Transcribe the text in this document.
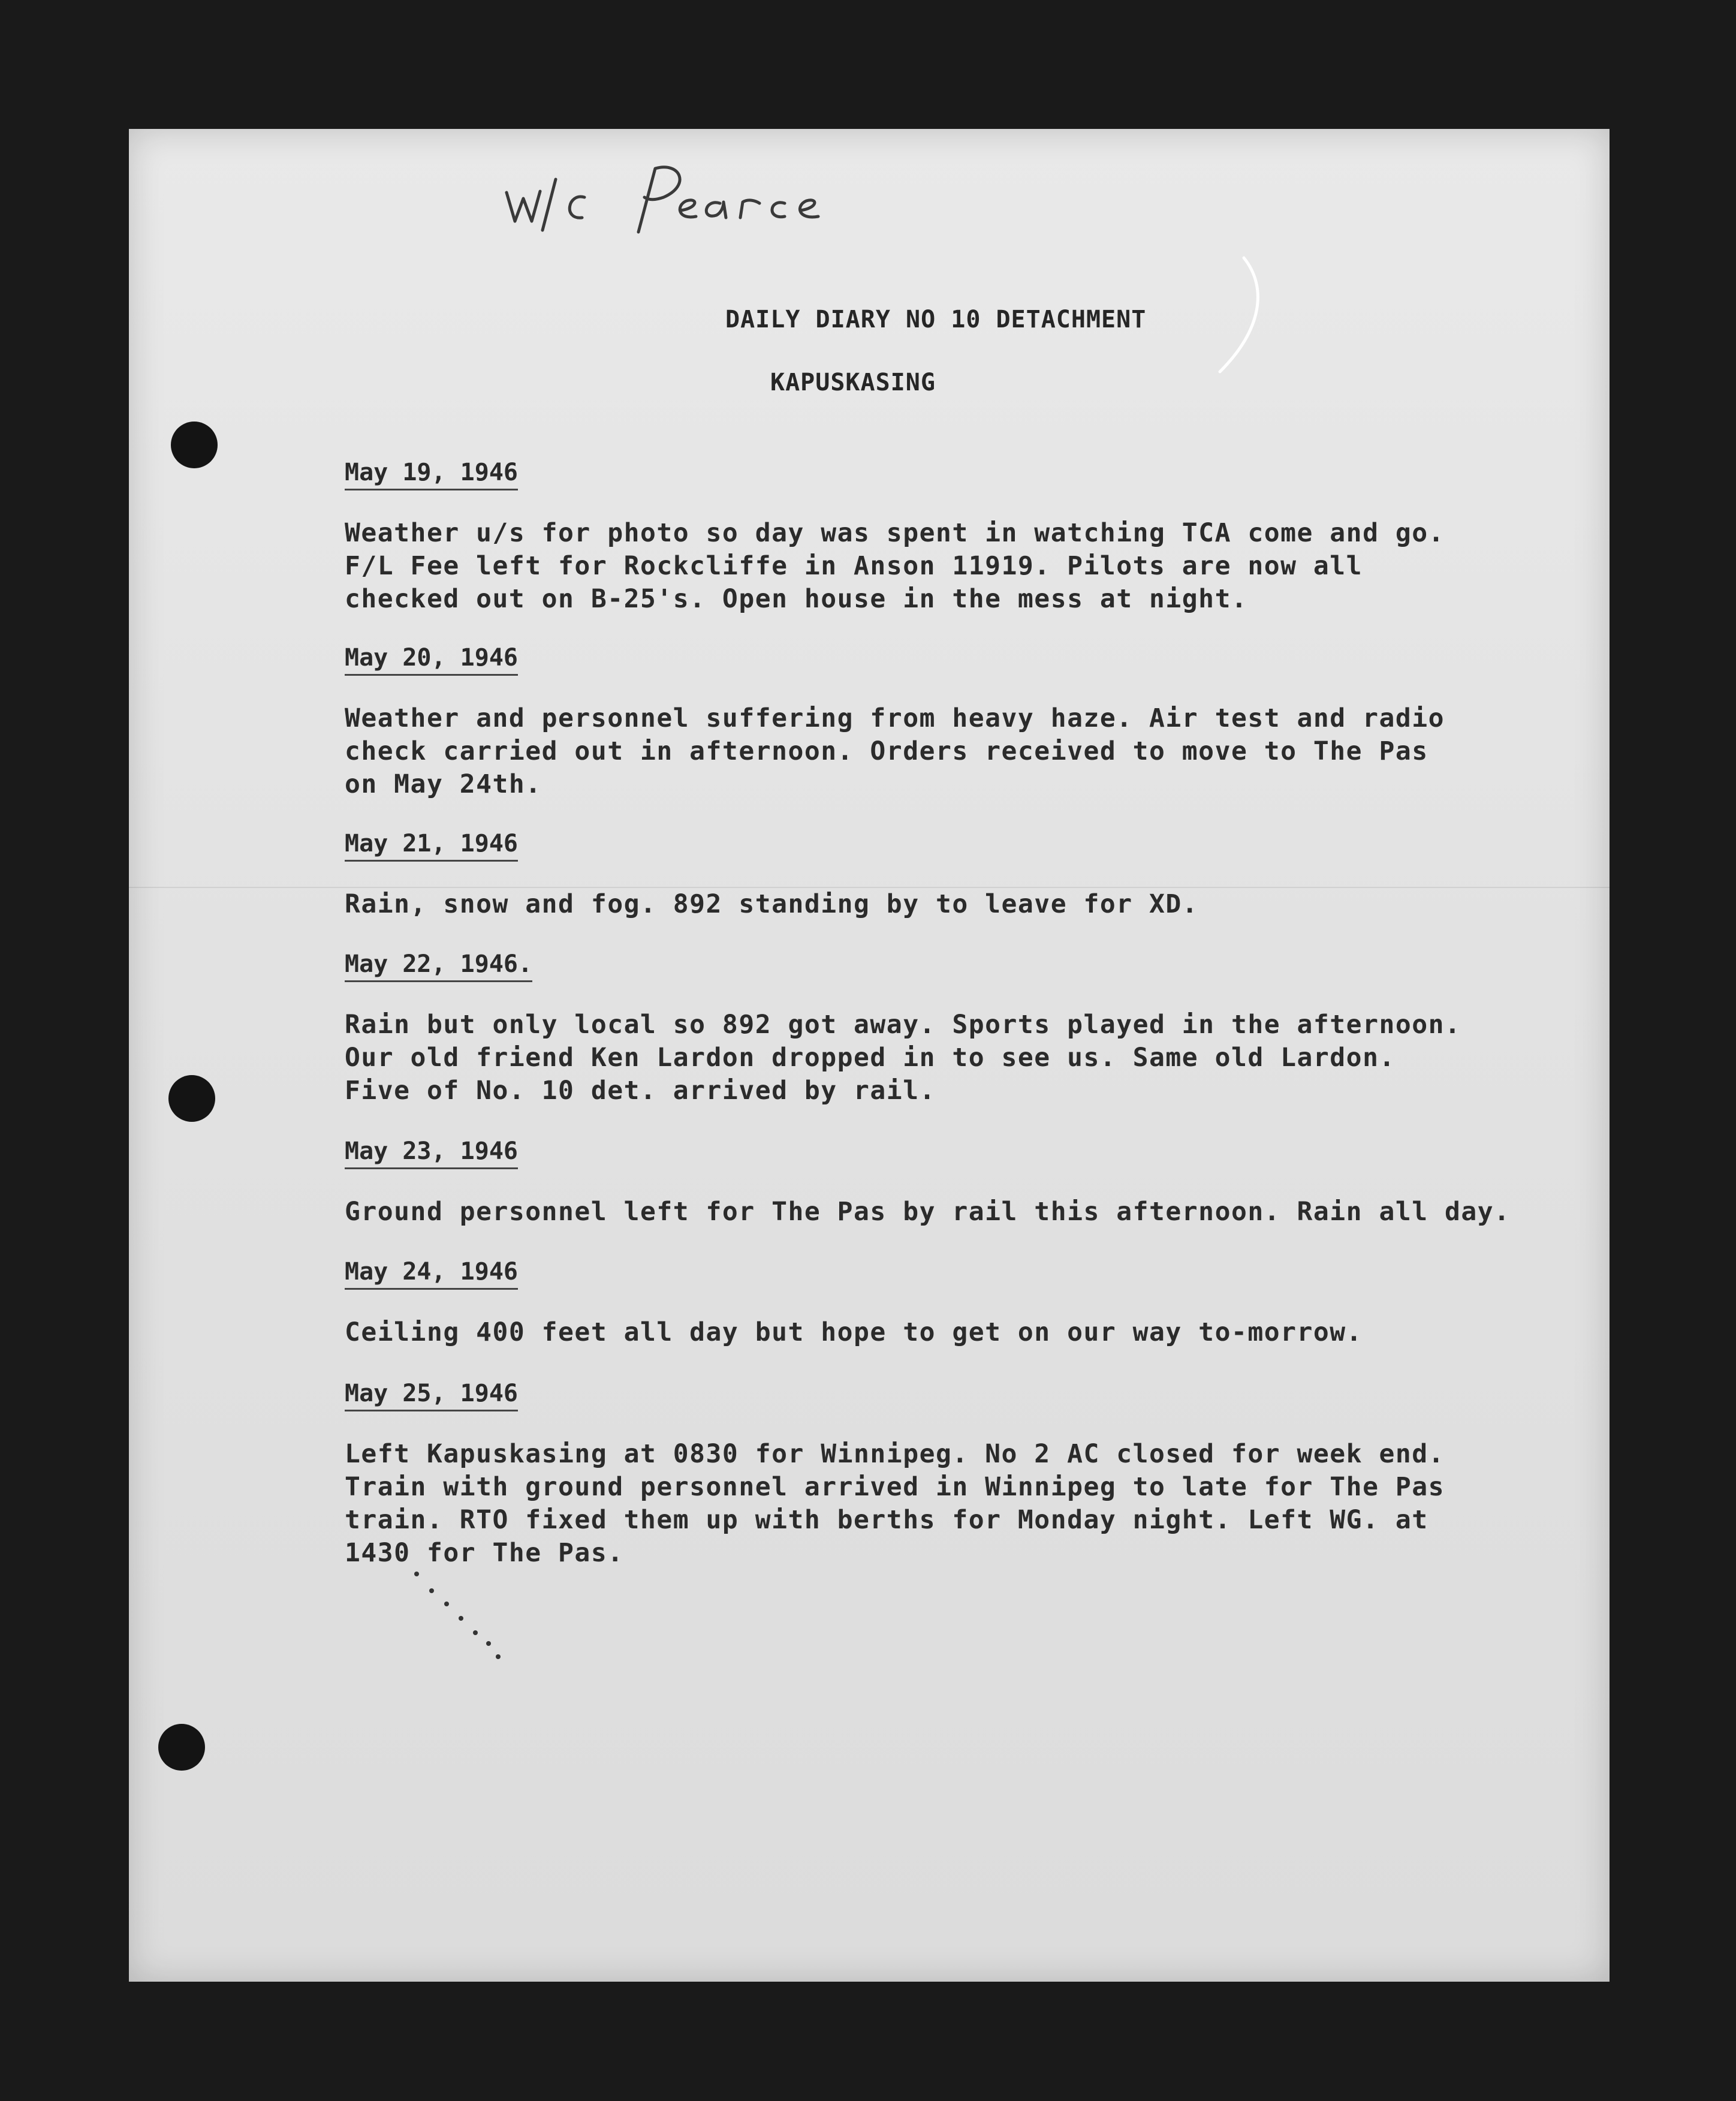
DAILY DIARY NO 10 DETACHMENT
KAPUSKASING
May 19, 1946
Weather u/s for photo so day was spent in watching TCA come and go.
F/L Fee left for Rockcliffe in Anson 11919. Pilots are now all
checked out on B-25's. Open house in the mess at night.
May 20, 1946
Weather and personnel suffering from heavy haze. Air test and radio
check carried out in afternoon. Orders received to move to The Pas
on May 24th.
May 21, 1946
Rain, snow and fog. 892 standing by to leave for XD.
May 22, 1946.
Rain but only local so 892 got away. Sports played in the afternoon.
Our old friend Ken Lardon dropped in to see us. Same old Lardon.
Five of No. 10 det. arrived by rail.
May 23, 1946
Ground personnel left for The Pas by rail this afternoon. Rain all day.
May 24, 1946
Ceiling 400 feet all day but hope to get on our way to-morrow.
May 25, 1946
Left Kapuskasing at 0830 for Winnipeg. No 2 AC closed for week end.
Train with ground personnel arrived in Winnipeg to late for The Pas
train. RTO fixed them up with berths for Monday night. Left WG. at
1430 for The Pas.
